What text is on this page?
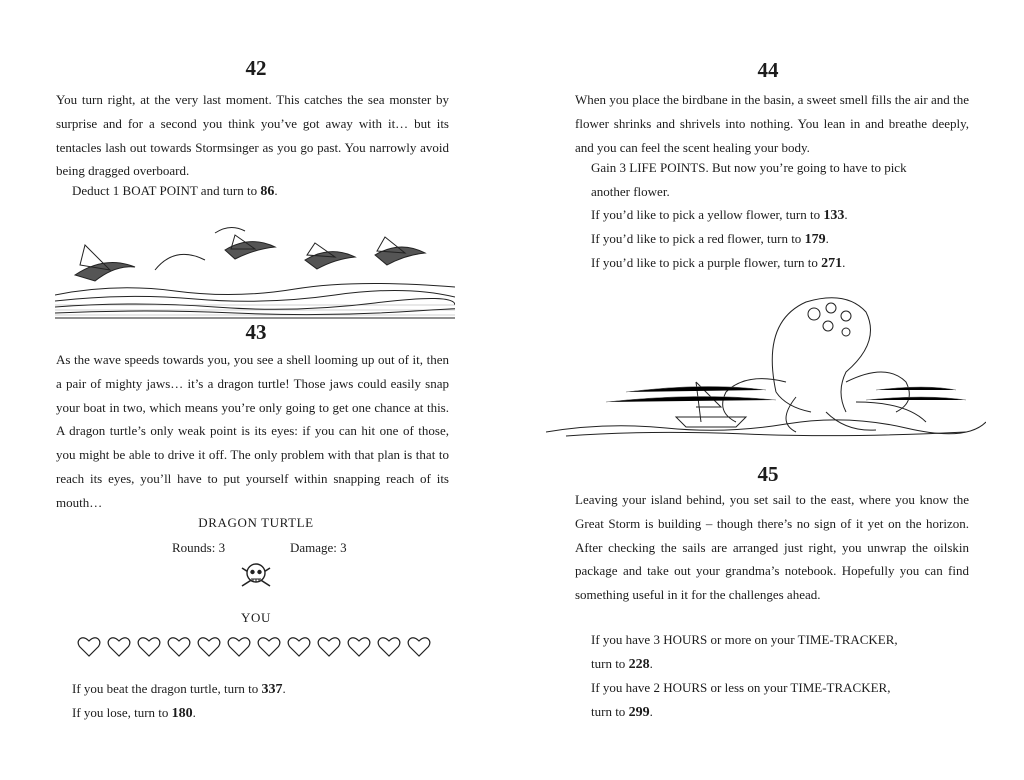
42

You turn right, at the very last moment. This catches the sea monster by surprise and for a second you think you’ve got away with it… but its tentacles lash out towards Stormsinger as you go past. You narrowly avoid being dragged overboard.

Deduct 1 BOAT POINT and turn to 86.

43

As the wave speeds towards you, you see a shell looming up out of it, then a pair of mighty jaws… it’s a dragon turtle! Those jaws could easily snap your boat in two, which means you’re only going to get one chance at this. A dragon turtle’s only weak point is its eyes: if you can hit one of those, you might be able to drive it off. The only problem with that plan is that to reach its eyes, you’ll have to put yourself within snapping reach of its mouth…

DRAGON TURTLE
Rounds: 3	Damage: 3
YOU

If you beat the dragon turtle, turn to 337.

If you lose, turn to 180.

44

When you place the birdbane in the basin, a sweet smell fills the air and the flower shrinks and shrivels into nothing. You lean in and breathe deeply, and you can feel the scent healing your body.

Gain 3 LIFE POINTS. But now you’re going to have to pick

another flower.

If you’d like to pick a yellow flower, turn to 133.

If you’d like to pick a red flower, turn to 179.

If you’d like to pick a purple flower, turn to 271.

45

Leaving your island behind, you set sail to the east, where you know the Great Storm is building – though there’s no sign of it yet on the horizon. After checking the sails are arranged just right, you unwrap the oilskin package and take out your grandma’s notebook. Hopefully you can find something useful in it for the challenges ahead.

If you have 3 HOURS or more on your TIME-TRACKER,

turn to 228.

If you have 2 HOURS or less on your TIME-TRACKER,

turn to 299.
